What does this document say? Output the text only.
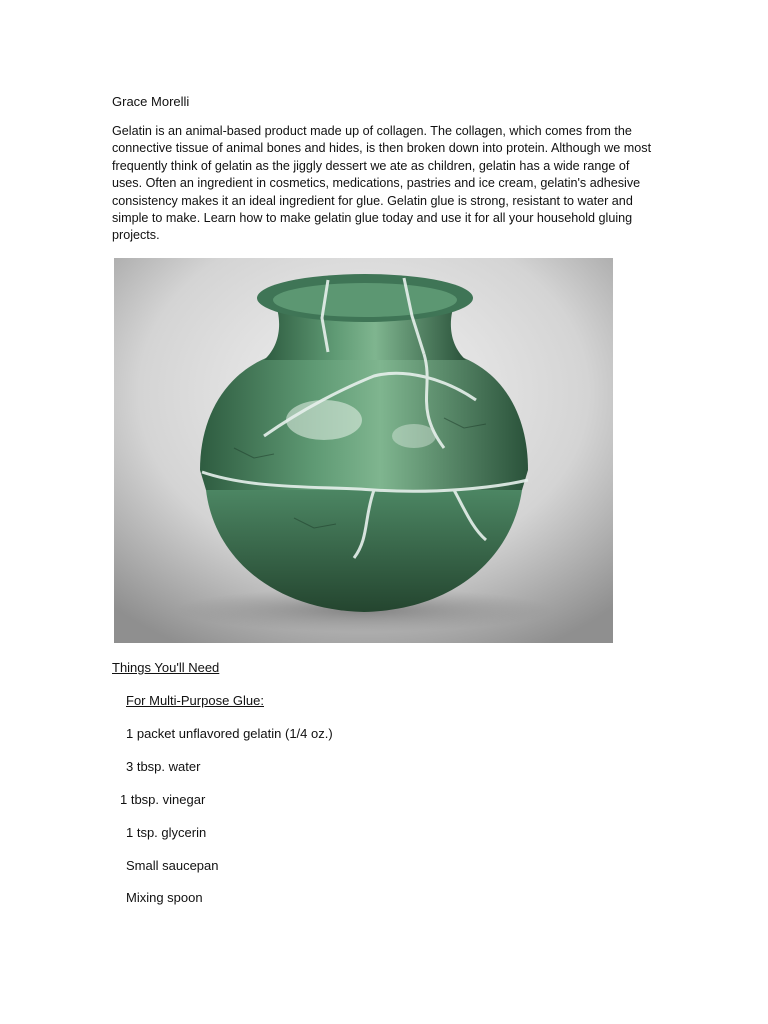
Grace Morelli

Gelatin is an animal-based product made up of collagen. The collagen, which comes from the connective tissue of animal bones and hides, is then broken down into protein. Although we most frequently think of gelatin as the jiggly dessert we ate as children, gelatin has a wide range of uses. Often an ingredient in cosmetics, medications, pastries and ice cream, gelatin's adhesive consistency makes it an ideal ingredient for glue. Gelatin glue is strong, resistant to water and simple to make. Learn how to make gelatin glue today and use it for all your household gluing projects.

Things You'll Need

For Multi-Purpose Glue:

1 packet unflavored gelatin (1/4 oz.)

3 tbsp. water

1 tbsp. vinegar

1 tsp. glycerin

Small saucepan

Mixing spoon
